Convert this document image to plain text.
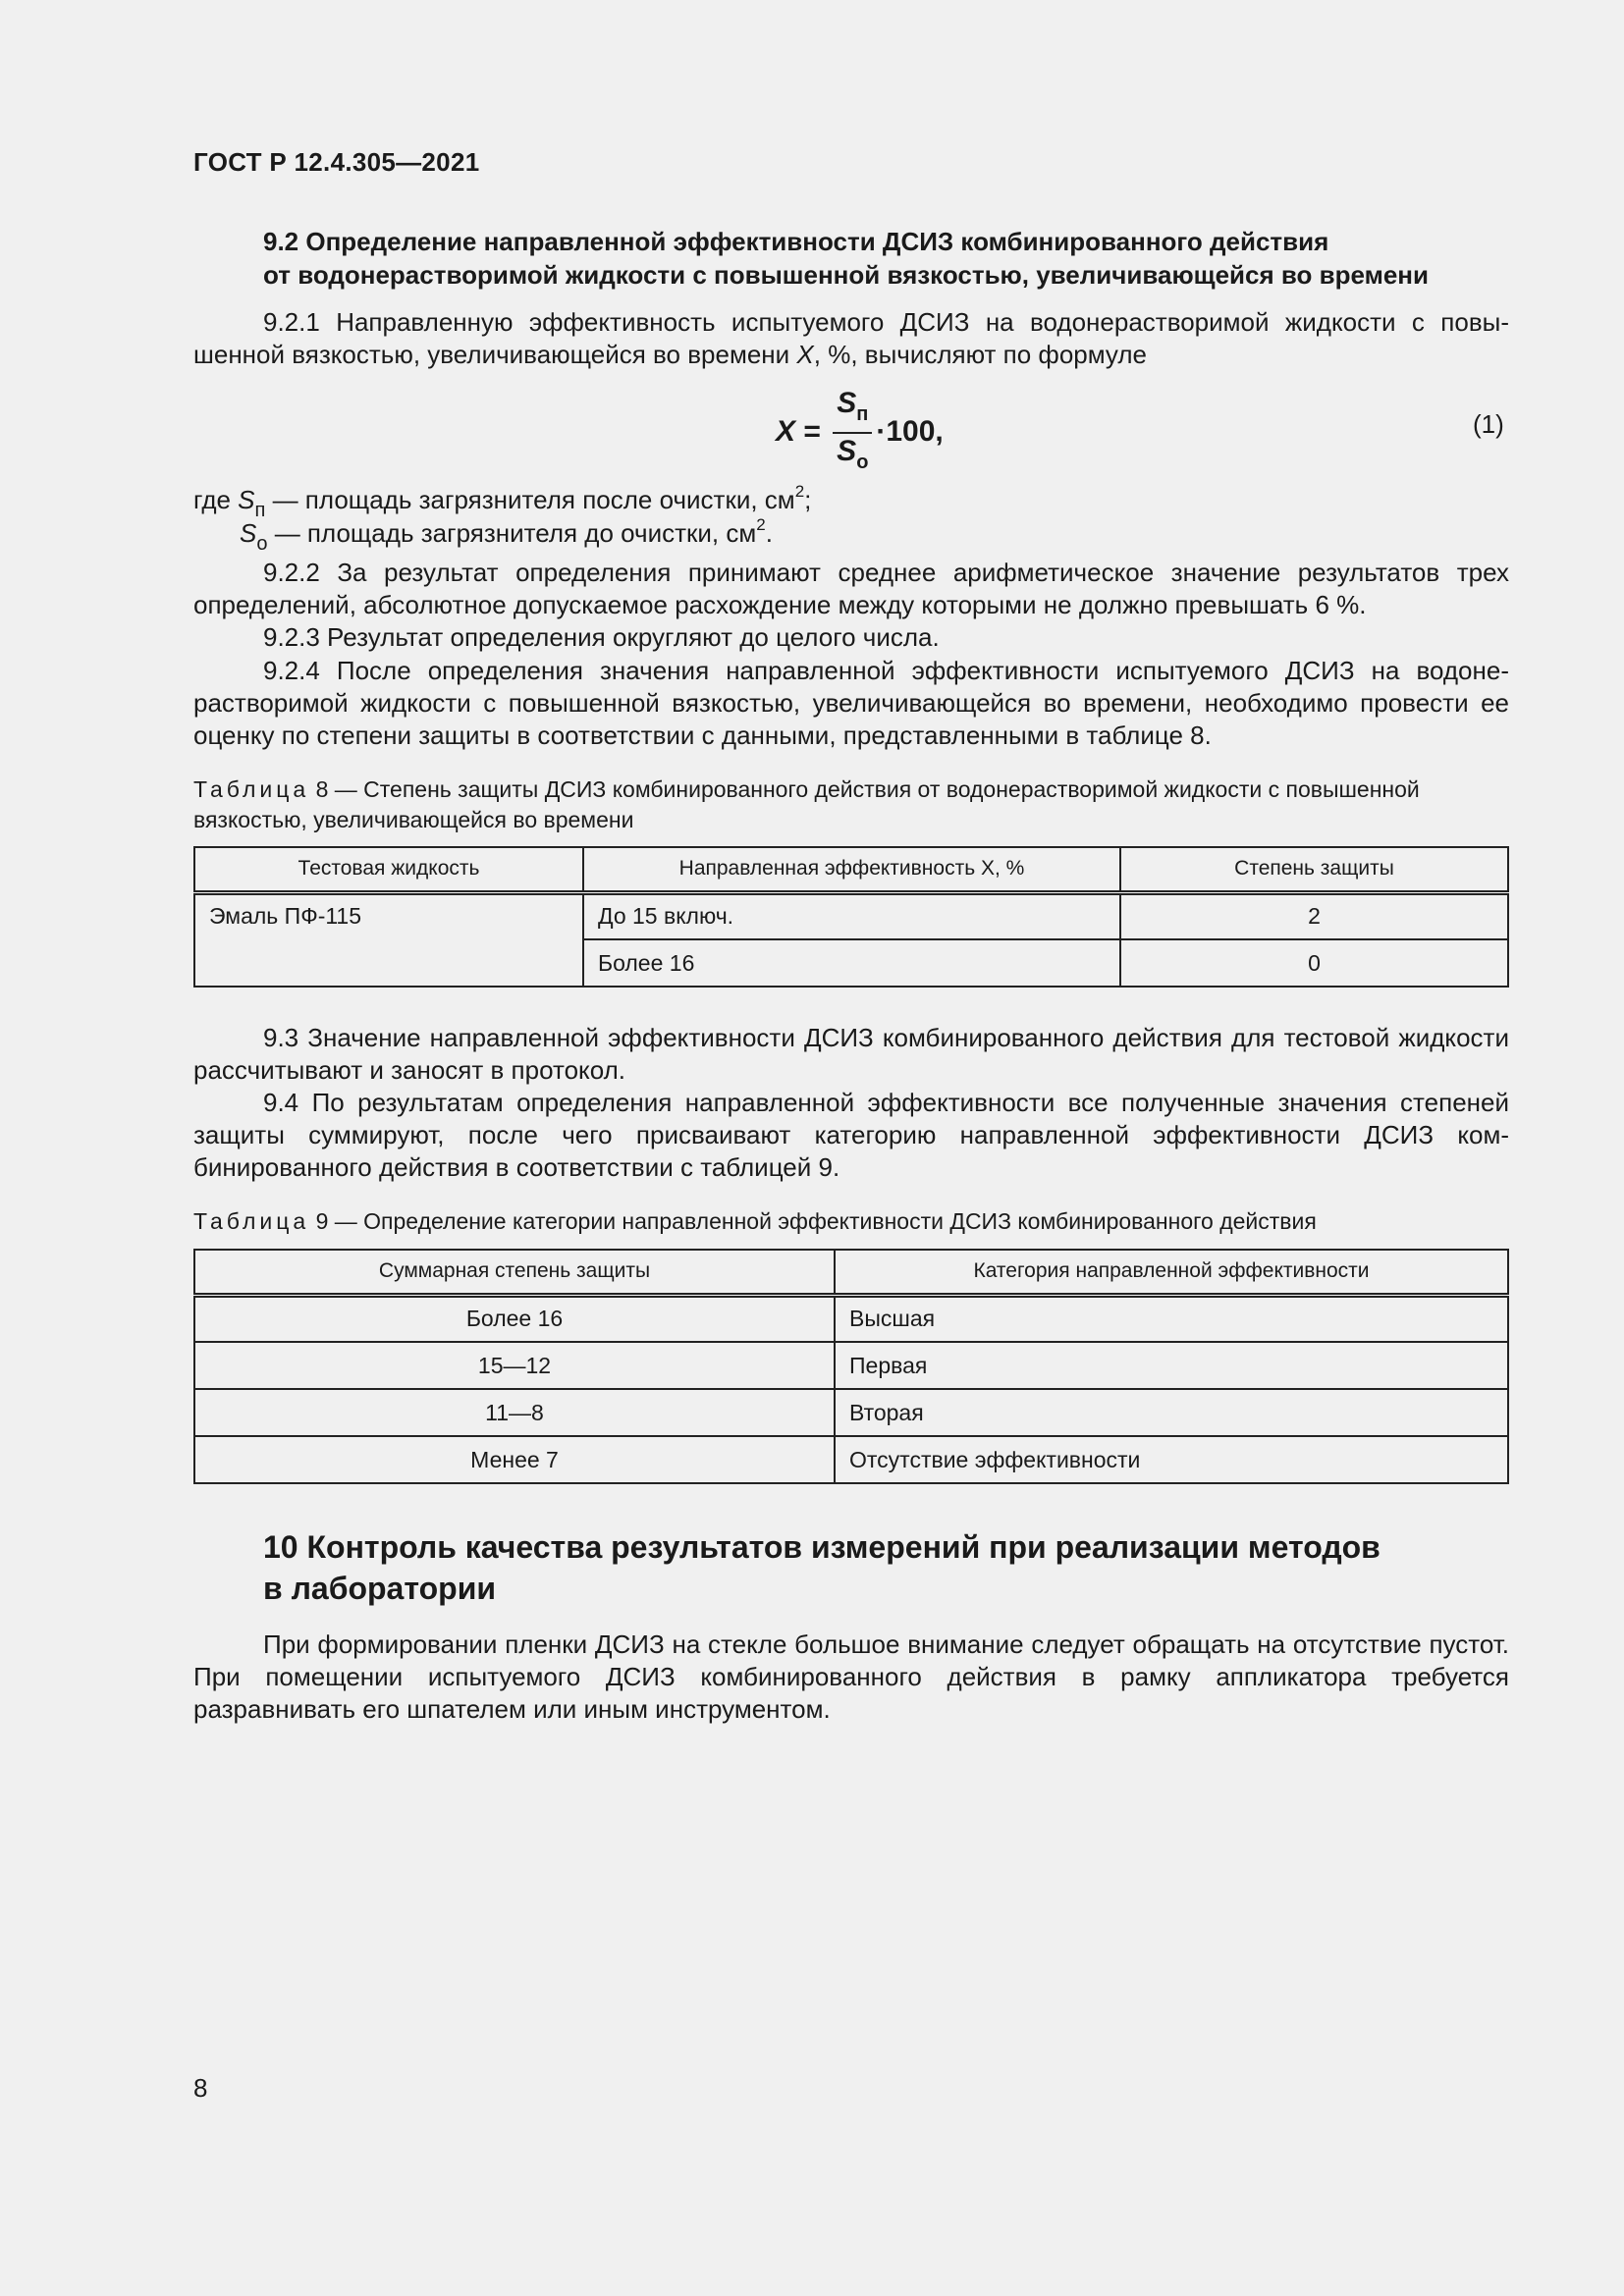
ГОСТ Р 12.4.305—2021
9.2 Определение направленной эффективности ДСИЗ комбинированного действия
от водонерастворимой жидкости с повышенной вязкостью, увеличивающейся во времени
9.2.1 Направленную эффективность испытуемого ДСИЗ на водонерастворимой жидкости с повышенной вязкостью, увеличивающейся во времени X, %, вычисляют по формуле
$X = \frac{S_п}{S_о} \cdot 100$,	(1)
где $S_п$ — площадь загрязнителя после очистки, $см^2$;
$S_о$ — площадь загрязнителя до очистки, $см^2$.
9.2.2 За результат определения принимают среднее арифметическое значение результатов трех определений, абсолютное допускаемое расхождение между которыми не должно превышать 6 %.
9.2.3 Результат определения округляют до целого числа.
9.2.4 После определения значения направленной эффективности испытуемого ДСИЗ на водонерастворимой жидкости с повышенной вязкостью, увеличивающейся во времени, необходимо провести ее оценку по степени защиты в соответствии с данными, представленными в таблице 8.
Таблица 8 — Степень защиты ДСИЗ комбинированного действия от водонерастворимой жидкости с повышенной вязкостью, увеличивающейся во времени
Тестовая жидкость	Направленная эффективность X, %	Степень защиты
Эмаль ПФ-115	До 15 включ.	2
	Более 16	0
9.3 Значение направленной эффективности ДСИЗ комбинированного действия для тестовой жидкости рассчитывают и заносят в протокол.
9.4 По результатам определения направленной эффективности все полученные значения степеней защиты суммируют, после чего присваивают категорию направленной эффективности ДСИЗ комбинированного действия в соответствии с таблицей 9.
Таблица 9 — Определение категории направленной эффективности ДСИЗ комбинированного действия
Суммарная степень защиты	Категория направленной эффективности
Более 16	Высшая
15—12	Первая
11—8	Вторая
Менее 7	Отсутствие эффективности
10 Контроль качества результатов измерений при реализации методов
в лаборатории
При формировании пленки ДСИЗ на стекле большое внимание следует обращать на отсутствие пустот. При помещении испытуемого ДСИЗ комбинированного действия в рамку аппликатора требуется разравнивать его шпателем или иным инструментом.
8
